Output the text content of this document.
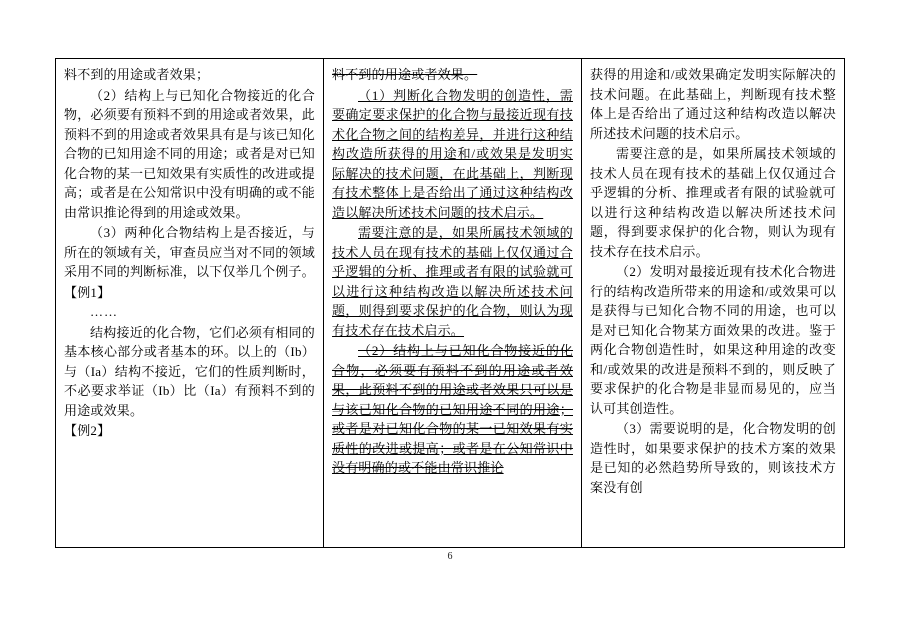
料不到的用途或者效果；

（2）结构上与已知化合物接近的化合物，必须要有预料不到的用途或者效果，此预料不到的用途或者效果具有是与该已知化合物的已知用途不同的用途；或者是对已知化合物的某一已知效果有实质性的改进或提高；或者是在公知常识中没有明确的或不能由常识推论得到的用途或效果。

（3）两种化合物结构上是否接近，与所在的领域有关，审查员应当对不同的领域采用不同的判断标准，以下仅举几个例子。

【例1】

……

结构接近的化合物，它们必须有相同的基本核心部分或者基本的环。以上的（Ib）与（Ia）结构不接近，它们的性质判断时，不必要求举证（Ib）比（Ia）有预料不到的用途或效果。

【例2】

料不到的用途或者效果。

（1）判断化合物发明的创造性，需要确定要求保护的化合物与最接近现有技术化合物之间的结构差异，并进行这种结构改造所获得的用途和/或效果是发明实际解决的技术问题，在此基础上，判断现有技术整体上是否给出了通过这种结构改造以解决所述技术问题的技术启示。

需要注意的是，如果所属技术领域的技术人员在现有技术的基础上仅仅通过合乎逻辑的分析、推理或者有限的试验就可以进行这种结构改造以解决所述技术问题，则得到要求保护的化合物，则认为现有技术存在技术启示。

（2）结构上与已知化合物接近的化合物，必须要有预料不到的用途或者效果，此预料不到的用途或者效果只可以是与该已知化合物的已知用途不同的用途；或者是对已知化合物的某一已知效果有实质性的改进或提高；或者是在公知常识中没有明确的或不能由常识推论

获得的用途和/或效果确定发明实际解决的技术问题。在此基础上，判断现有技术整体上是否给出了通过这种结构改造以解决所述技术问题的技术启示。

需要注意的是，如果所属技术领域的技术人员在现有技术的基础上仅仅通过合乎逻辑的分析、推理或者有限的试验就可以进行这种结构改造以解决所述技术问题，得到要求保护的化合物，则认为现有技术存在技术启示。

（2）发明对最接近现有技术化合物进行的结构改造所带来的用途和/或效果可以是获得与已知化合物不同的用途，也可以是对已知化合物某方面效果的改进。鉴于两化合物创造性时，如果这种用途的改变和/或效果的改进是预料不到的，则反映了要求保护的化合物是非显而易见的，应当认可其创造性。

（3）需要说明的是，化合物发明的创造性时，如果要求保护的技术方案的效果是已知的必然趋势所导致的，则该技术方案没有创

6
